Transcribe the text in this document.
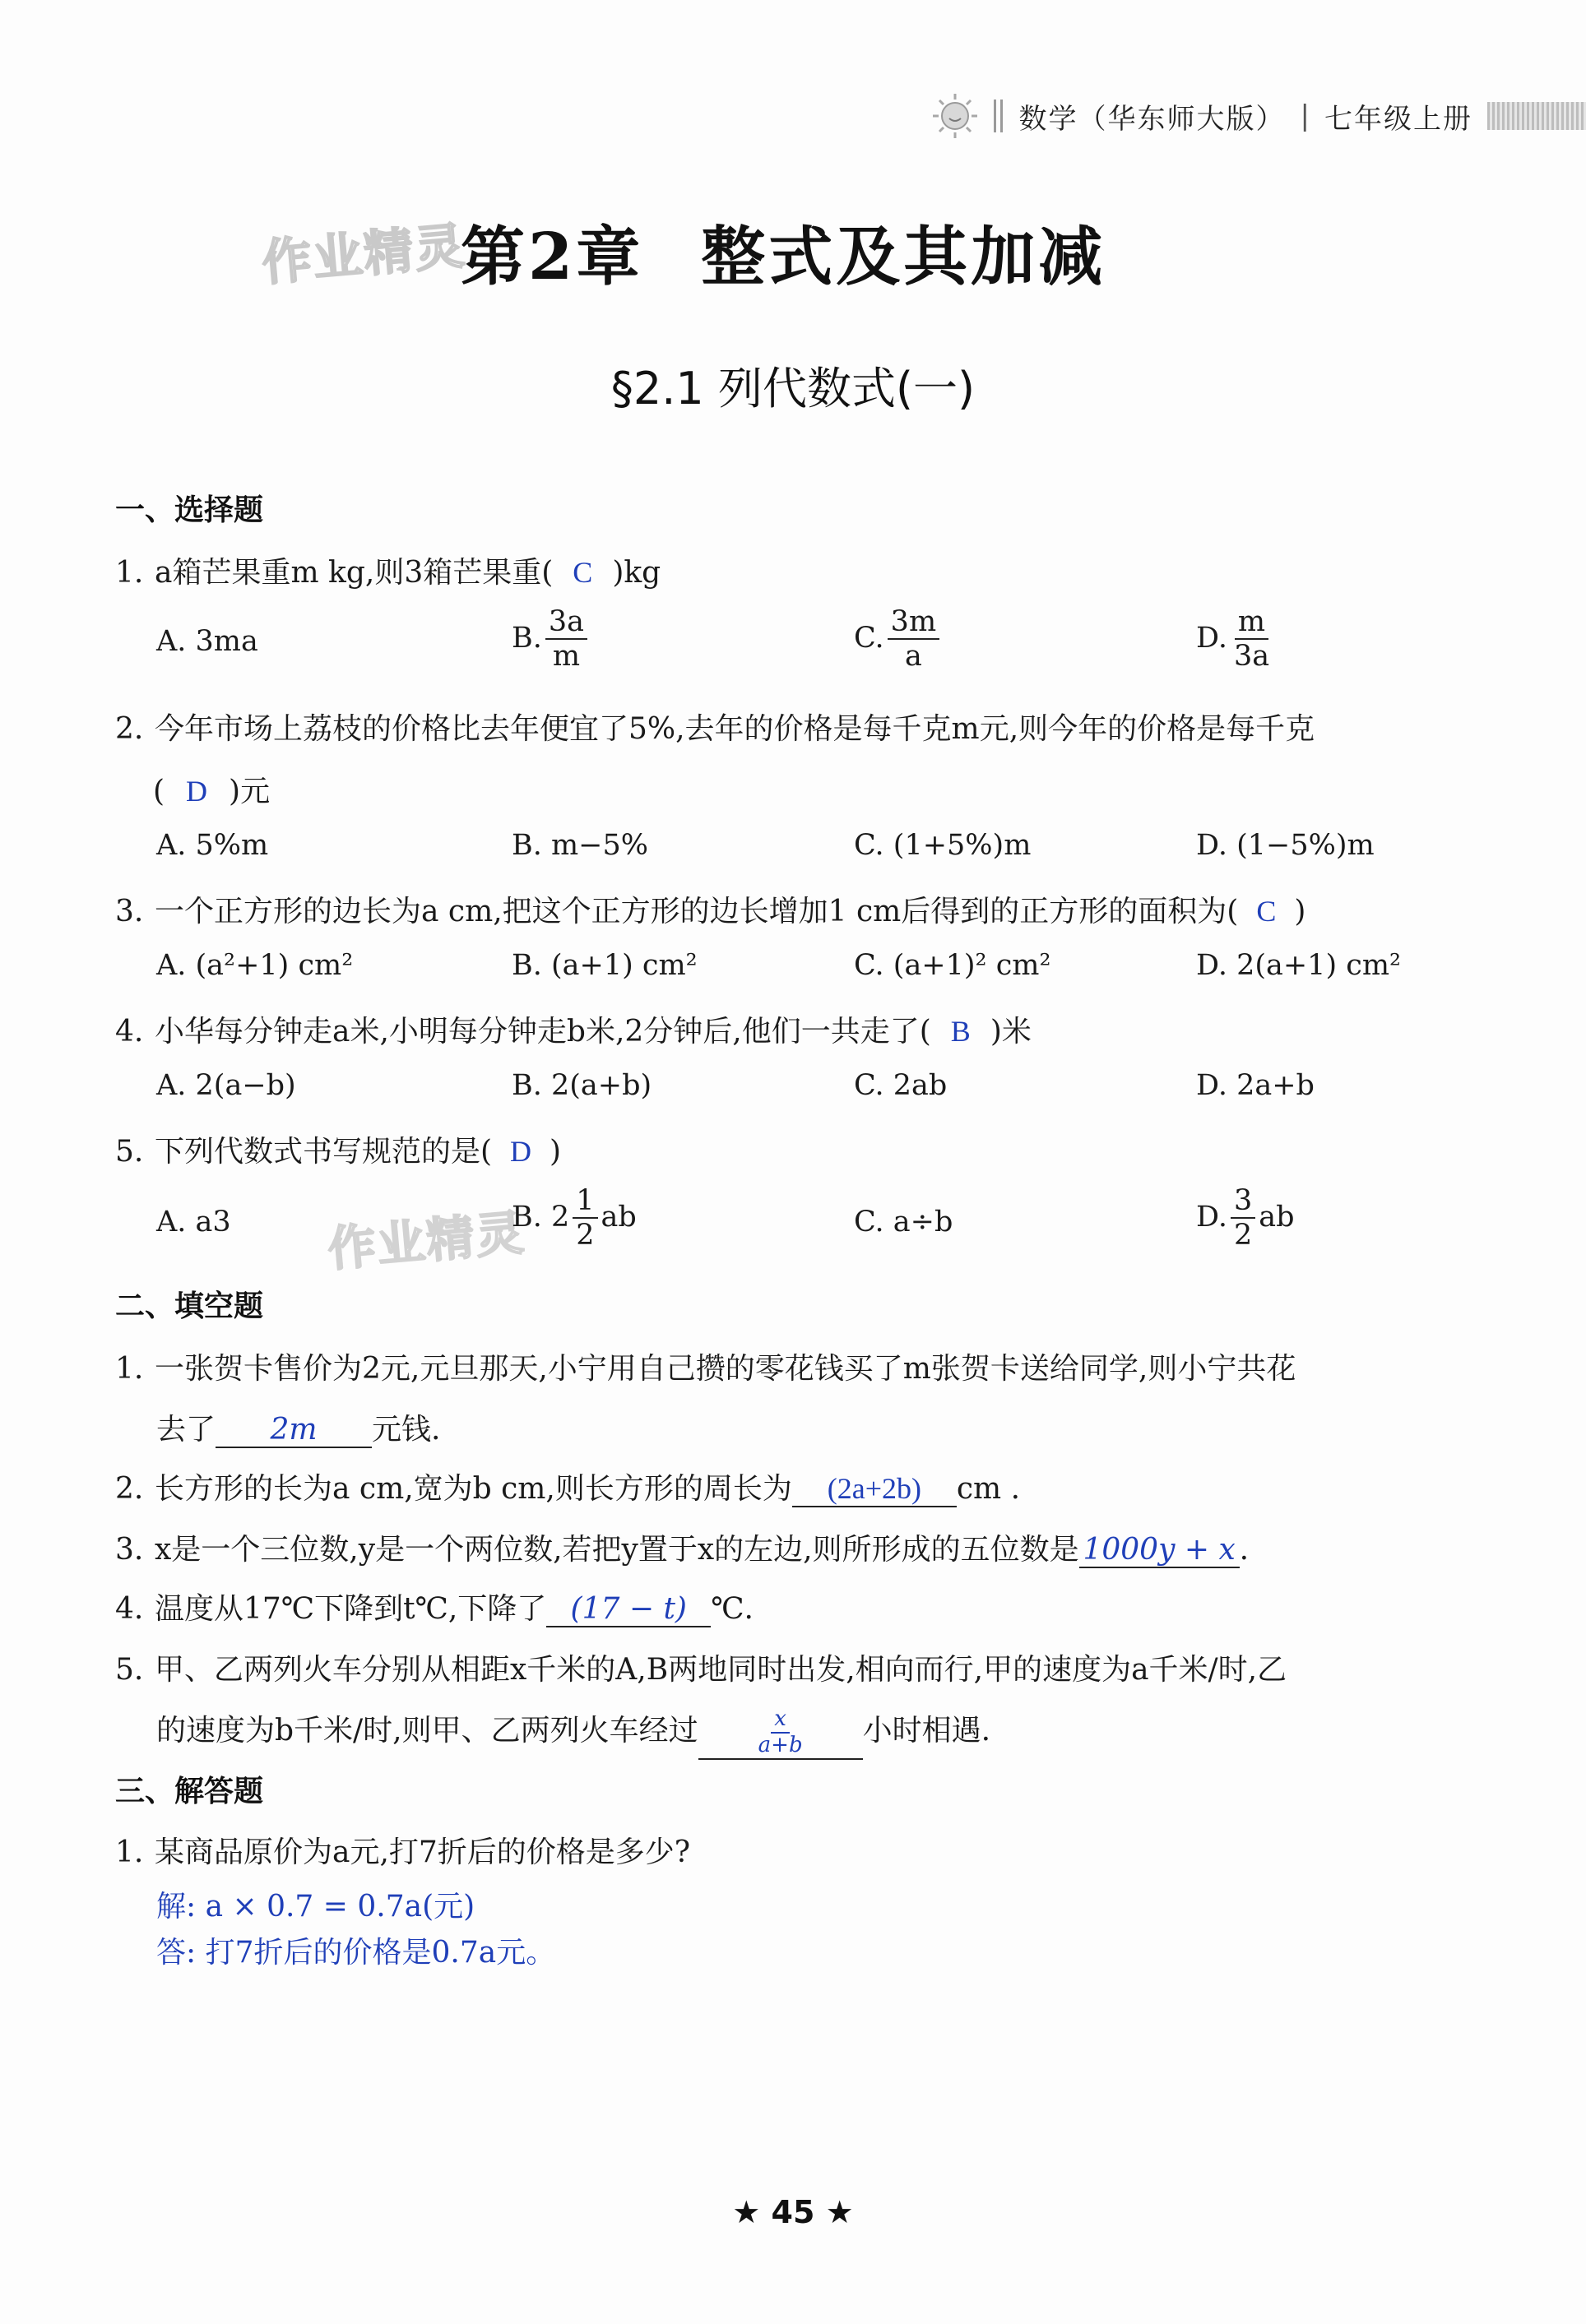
数学（华东师大版） | 七年级上册
作业精灵
作业精灵
第2章 整式及其加减
§2.1 列代数式(一)
一、选择题
1. a箱芒果重m kg,则3箱芒果重( C )kg
A. 3ma	B. $\frac{3a}{m}$	C. $\frac{3m}{a}$	D. $\frac{m}{3a}$
2. 今年市场上荔枝的价格比去年便宜了5%,去年的价格是每千克m元,则今年的价格是每千克
( D )元
A. 5%m	B. m−5%	C. (1+5%)m	D. (1−5%)m
3. 一个正方形的边长为a cm,把这个正方形的边长增加1 cm后得到的正方形的面积为( C )
A. (a²+1) cm²	B. (a+1) cm²	C. (a+1)² cm²	D. 2(a+1) cm²
4. 小华每分钟走a米,小明每分钟走b米,2分钟后,他们一共走了( B )米
A. 2(a−b)	B. 2(a+b)	C. 2ab	D. 2a+b
5. 下列代数式书写规范的是( D )
A. a3	B. $2 \frac{1}{2}$ ab	C. a÷b	D. $\frac{3}{2}$ ab
二、填空题
1. 一张贺卡售价为2元,元旦那天,小宁用自己攒的零花钱买了m张贺卡送给同学,则小宁共花
去了 2m 元钱.
2. 长方形的长为a cm,宽为b cm,则长方形的周长为 (2a+2b) cm .
3. x是一个三位数,y是一个两位数,若把y置于x的左边,则所形成的五位数是 1000y + x .
4. 温度从17℃下降到t℃,下降了 (17 − t) ℃.
5. 甲、乙两列火车分别从相距x千米的A,B两地同时出发,相向而行,甲的速度为a千米/时,乙
的速度为b千米/时,则甲、乙两列火车经过	$\frac{x}{a+b}$ 小时相遇.
三、解答题
1. 某商品原价为a元,打7折后的价格是多少?
解: a × 0.7 = 0.7a(元)
答: 打7折后的价格是0.7a元。
★ 45 ★
